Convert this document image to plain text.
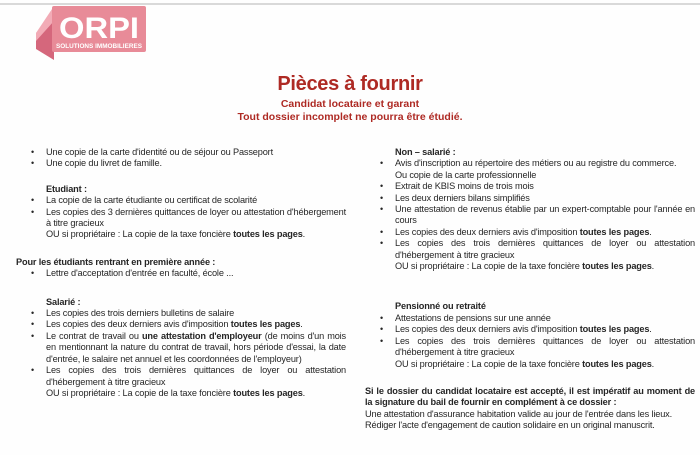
ORPI
SOLUTIONS IMMOBILIERES
Pièces à fournir
Candidat locataire et garant
Tout dossier incomplet ne pourra être étudié.
•	Une copie de la carte d'identité ou de séjour ou Passeport
•	Une copie du livret de famille.
Etudiant :
•	La copie de la carte étudiante ou certificat de scolarité
•	Les copies des 3 dernières quittances de loyer ou attestation d'hébergement à titre gracieux
OU si propriétaire : La copie de la taxe foncière toutes les pages.
Pour les étudiants rentrant en première année :
•	Lettre d'acceptation d'entrée en faculté, école ...
Salarié :
•	Les copies des trois derniers bulletins de salaire
•	Les copies des deux derniers avis d'imposition toutes les pages.
•	Le contrat de travail ou une attestation d'employeur (de moins d'un mois en mentionnant la nature du contrat de travail, hors période d'essai, la date d'entrée, le salaire net annuel et les coordonnées de l'employeur)
•	Les copies des trois dernières quittances de loyer ou attestation d'hébergement à titre gracieux
OU si propriétaire : La copie de la taxe foncière toutes les pages.
Non – salarié :
•	Avis d'inscription au répertoire des métiers ou au registre du commerce.
Ou copie de la carte professionnelle
•	Extrait de KBIS moins de trois mois
•	Les deux derniers bilans simplifiés
•	Une attestation de revenus établie par un expert-comptable pour l'année en cours
•	Les copies des deux derniers avis d'imposition toutes les pages.
•	Les copies des trois dernières quittances de loyer ou attestation d'hébergement à titre gracieux
OU si propriétaire : La copie de la taxe foncière toutes les pages.
Pensionné ou retraité
•	Attestations de pensions sur une année
•	Les copies des deux derniers avis d'imposition toutes les pages.
•	Les copies des trois dernières quittances de loyer ou attestation d'hébergement à titre gracieux
OU si propriétaire : La copie de la taxe foncière toutes les pages.
Si le dossier du candidat locataire est accepté, il est impératif au moment de la signature du bail de fournir en complément à ce dossier :
Une attestation d'assurance habitation valide au jour de l'entrée dans les lieux.
Rédiger l'acte d'engagement de caution solidaire en un original manuscrit.
